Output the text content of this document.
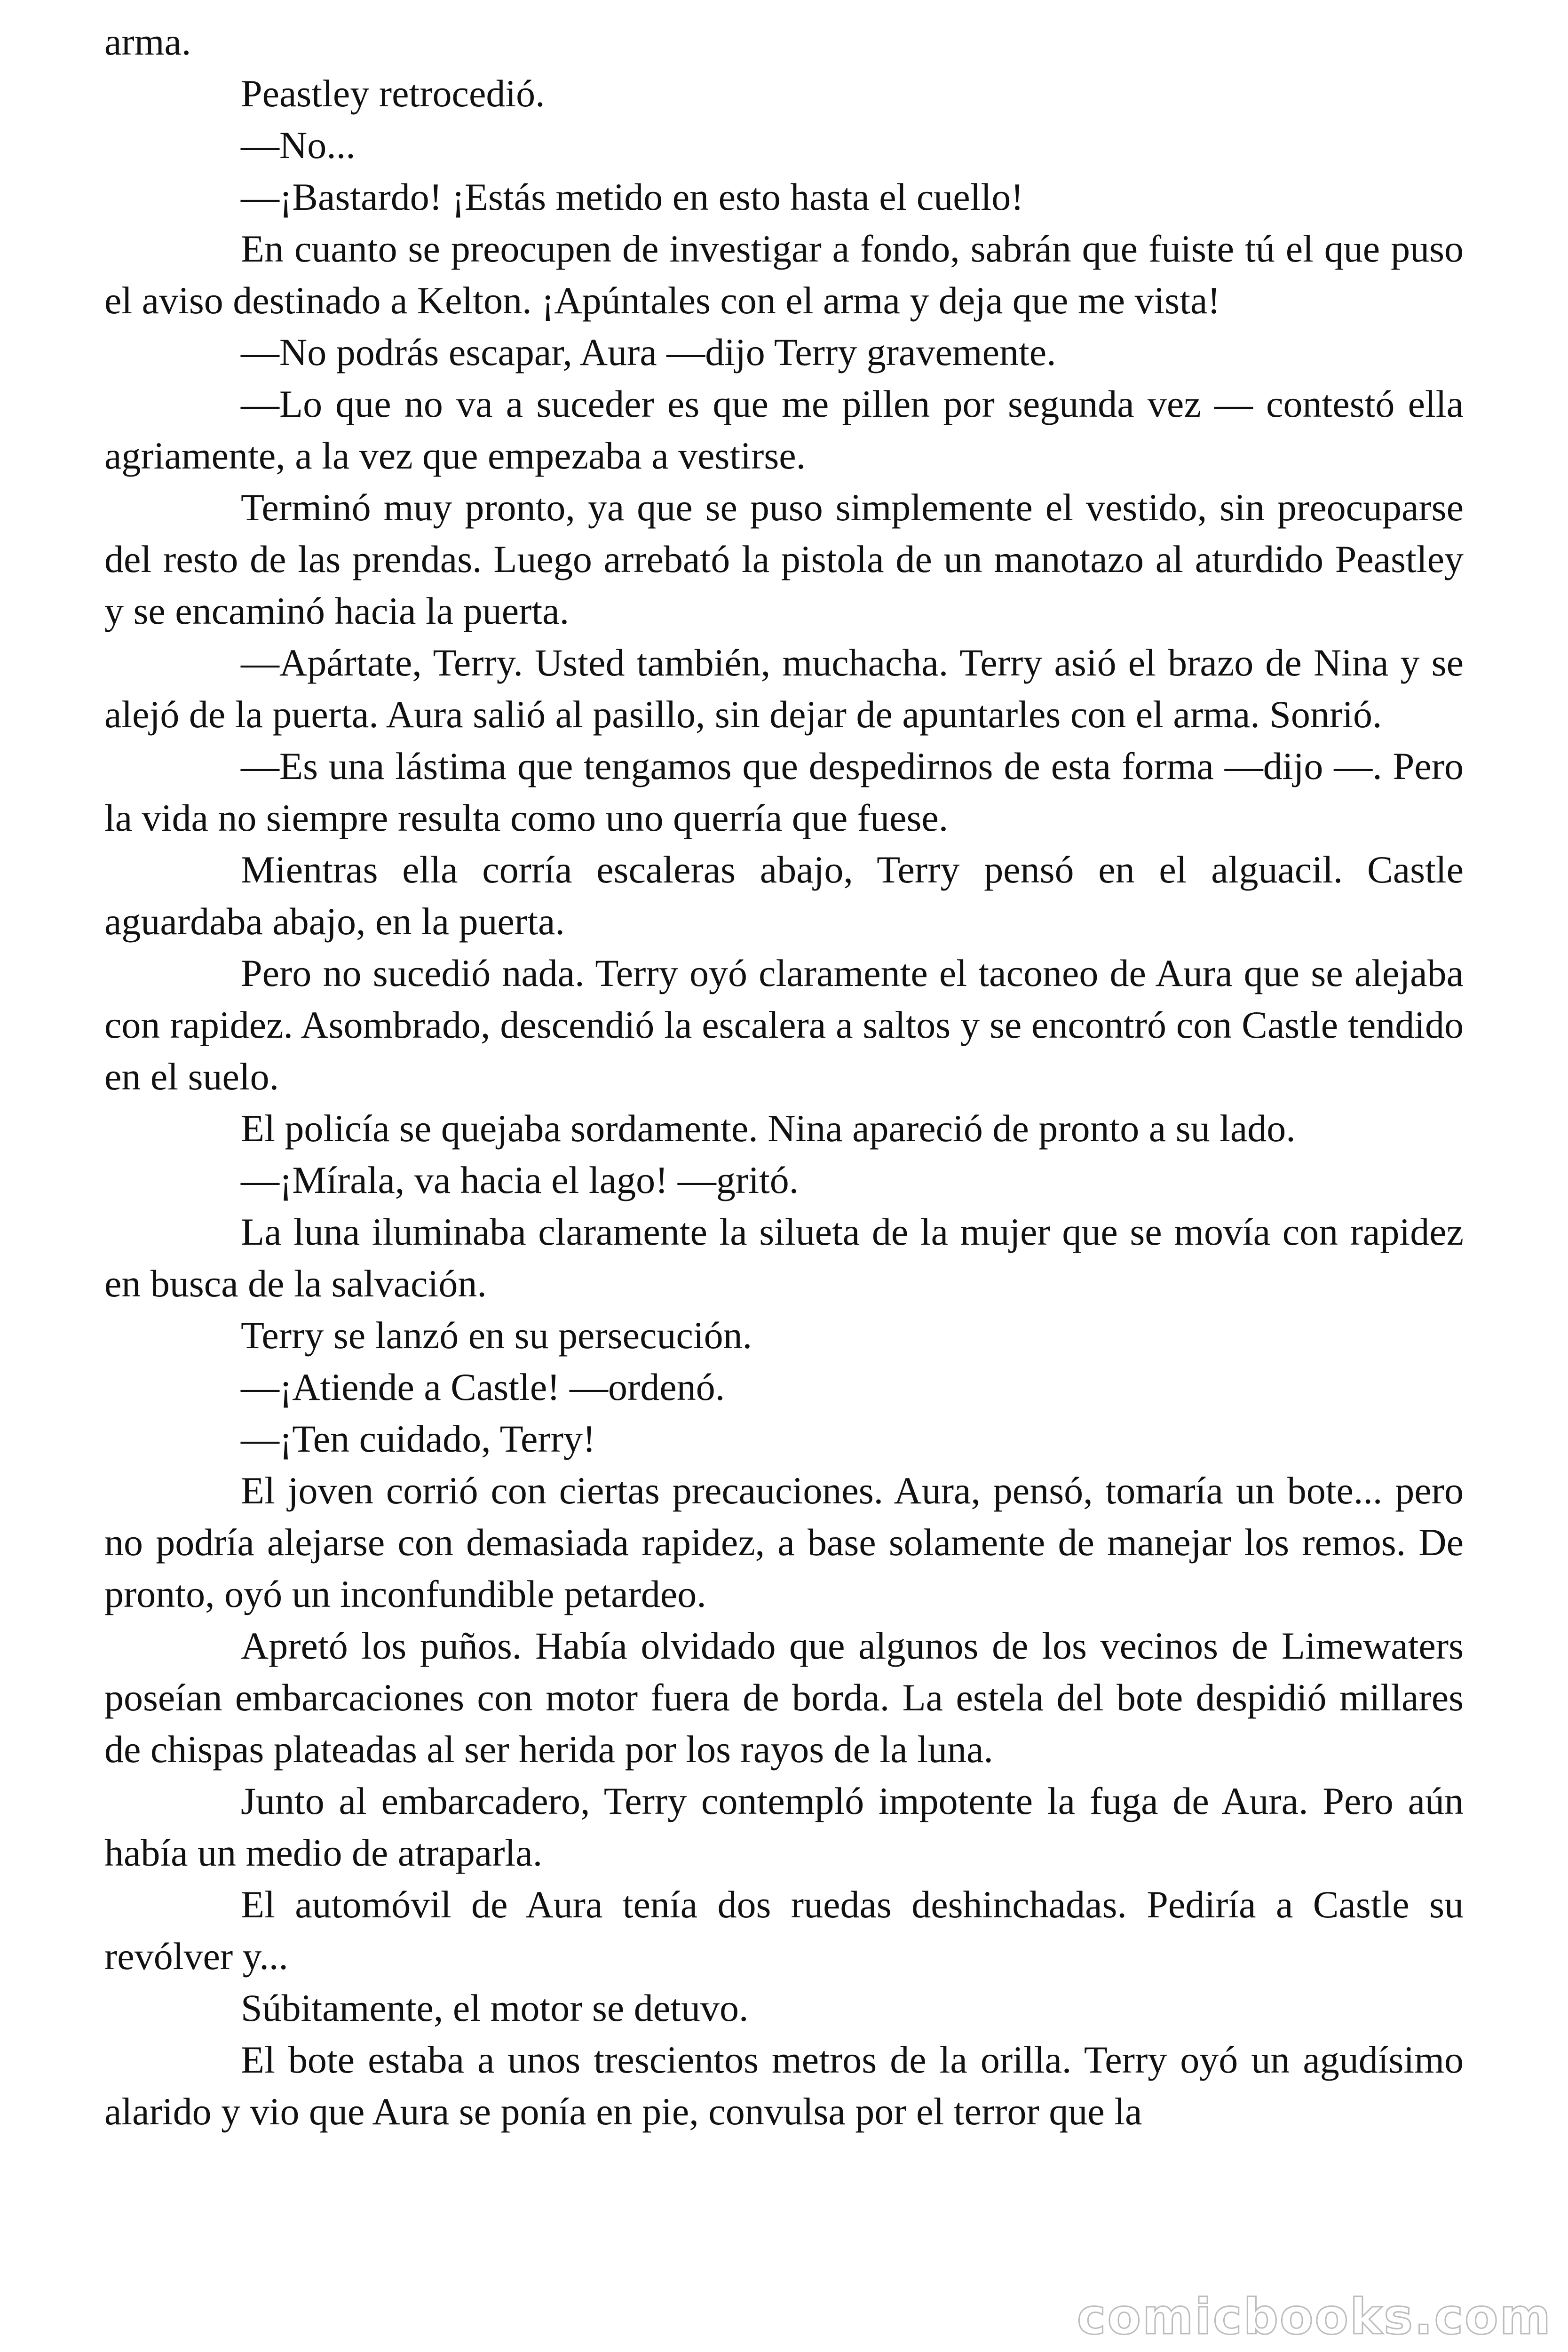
arma.

Peastley retrocedió.

—No...

—¡Bastardo! ¡Estás metido en esto hasta el cuello!

En cuanto se preocupen de investigar a fondo, sabrán que fuiste tú el que puso el aviso destinado a Kelton. ¡Apúntales con el arma y deja que me vista!

—No podrás escapar, Aura —dijo Terry gravemente.

—Lo que no va a suceder es que me pillen por segunda vez — contestó ella agriamente, a la vez que empezaba a vestirse.

Terminó muy pronto, ya que se puso simplemente el vestido, sin preocuparse del resto de las prendas. Luego arrebató la pistola de un manotazo al aturdido Peastley y se encaminó hacia la puerta.

—Apártate, Terry. Usted también, muchacha. Terry asió el brazo de Nina y se alejó de la puerta. Aura salió al pasillo, sin dejar de apuntarles con el arma. Sonrió.

—Es una lástima que tengamos que despedirnos de esta forma —dijo —. Pero la vida no siempre resulta como uno querría que fuese.

Mientras ella corría escaleras abajo, Terry pensó en el alguacil. Castle aguardaba abajo, en la puerta.

Pero no sucedió nada. Terry oyó claramente el taconeo de Aura que se alejaba con rapidez. Asombrado, descendió la escalera a saltos y se encontró con Castle tendido en el suelo.

El policía se quejaba sordamente. Nina apareció de pronto a su lado.

—¡Mírala, va hacia el lago! —gritó.

La luna iluminaba claramente la silueta de la mujer que se movía con rapidez en busca de la salvación.

Terry se lanzó en su persecución.

—¡Atiende a Castle! —ordenó.

—¡Ten cuidado, Terry!

El joven corrió con ciertas precauciones. Aura, pensó, tomaría un bote... pero no podría alejarse con demasiada rapidez, a base solamente de manejar los remos. De pronto, oyó un inconfundible petardeo.

Apretó los puños. Había olvidado que algunos de los vecinos de Limewaters poseían embarcaciones con motor fuera de borda. La estela del bote despidió millares de chispas plateadas al ser herida por los rayos de la luna.

Junto al embarcadero, Terry contempló impotente la fuga de Aura. Pero aún había un medio de atraparla.

El automóvil de Aura tenía dos ruedas deshinchadas. Pediría a Castle su revólver y...

Súbitamente, el motor se detuvo.

El bote estaba a unos trescientos metros de la orilla. Terry oyó un agudísimo alarido y vio que Aura se ponía en pie, convulsa por el terror que la

comicbooks.com
